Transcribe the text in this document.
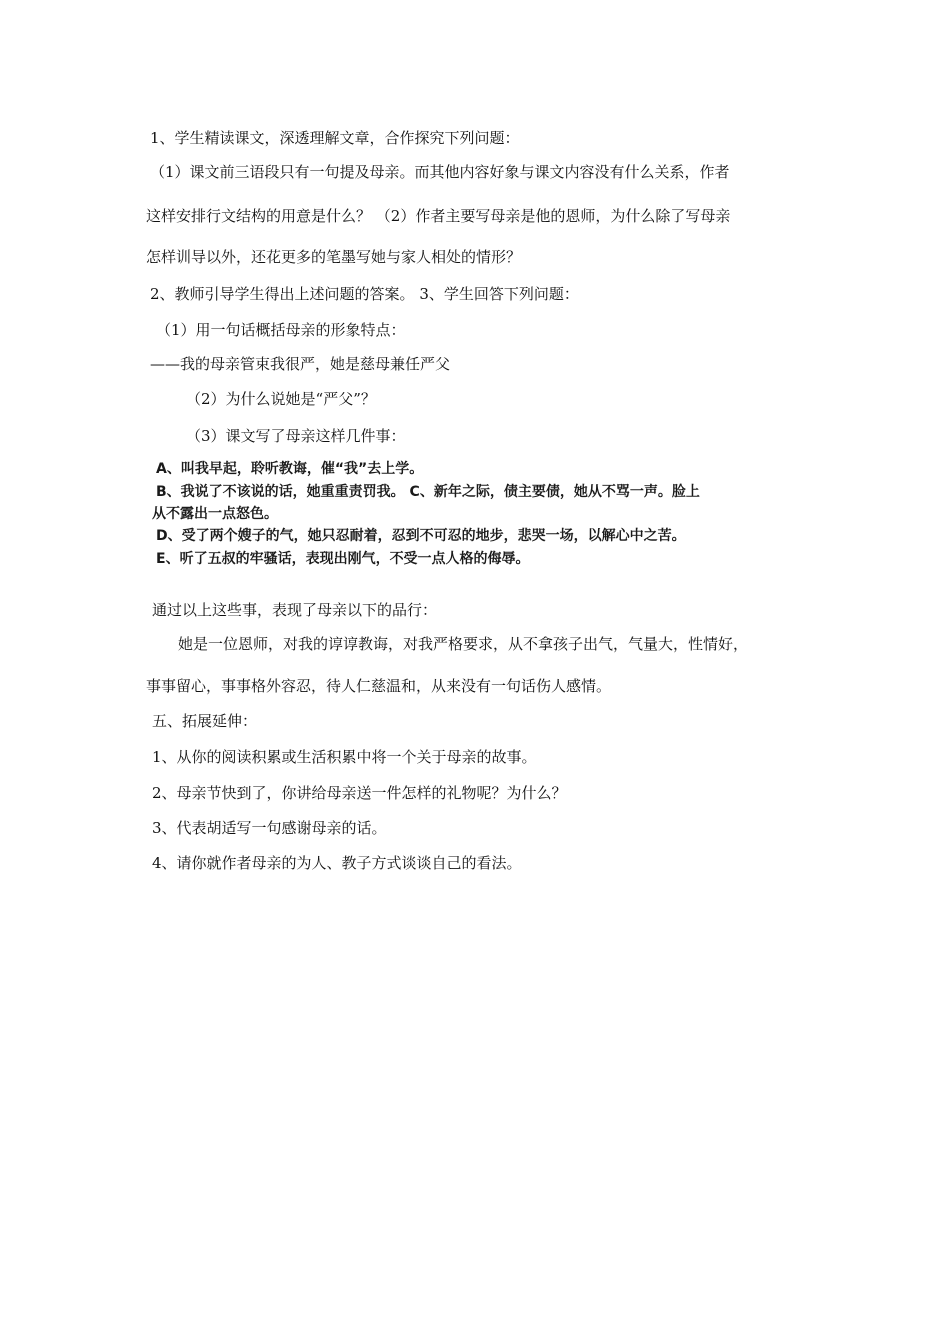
1、学生精读课文，深透理解文章，合作探究下列问题：
（1）课文前三语段只有一句提及母亲。而其他内容好象与课文内容没有什么关系，作者
这样安排行文结构的用意是什么？ （2）作者主要写母亲是他的恩师，为什么除了写母亲
怎样训导以外，还花更多的笔墨写她与家人相处的情形？
2、教师引导学生得出上述问题的答案。 3、学生回答下列问题：
（1）用一句话概括母亲的形象特点：
——我的母亲管束我很严，她是慈母兼任严父
（2）为什么说她是“严父”？
（3）课文写了母亲这样几件事：
A、叫我早起，聆听教诲，催“我”去上学。
B、我说了不该说的话，她重重责罚我。 C、新年之际，债主要债，她从不骂一声。脸上
从不露出一点怒色。
D、受了两个嫂子的气，她只忍耐着，忍到不可忍的地步，悲哭一场，以解心中之苦。
E、听了五叔的牢骚话，表现出刚气，不受一点人格的侮辱。
通过以上这些事，表现了母亲以下的品行：
她是一位恩师，对我的谆谆教诲，对我严格要求，从不拿孩子出气，气量大，性情好，
事事留心，事事格外容忍，待人仁慈温和，从来没有一句话伤人感情。
五、拓展延伸：
1、从你的阅读积累或生活积累中将一个关于母亲的故事。
2、母亲节快到了，你讲给母亲送一件怎样的礼物呢？为什么？
3、代表胡适写一句感谢母亲的话。
4、请你就作者母亲的为人、教子方式谈谈自己的看法。
